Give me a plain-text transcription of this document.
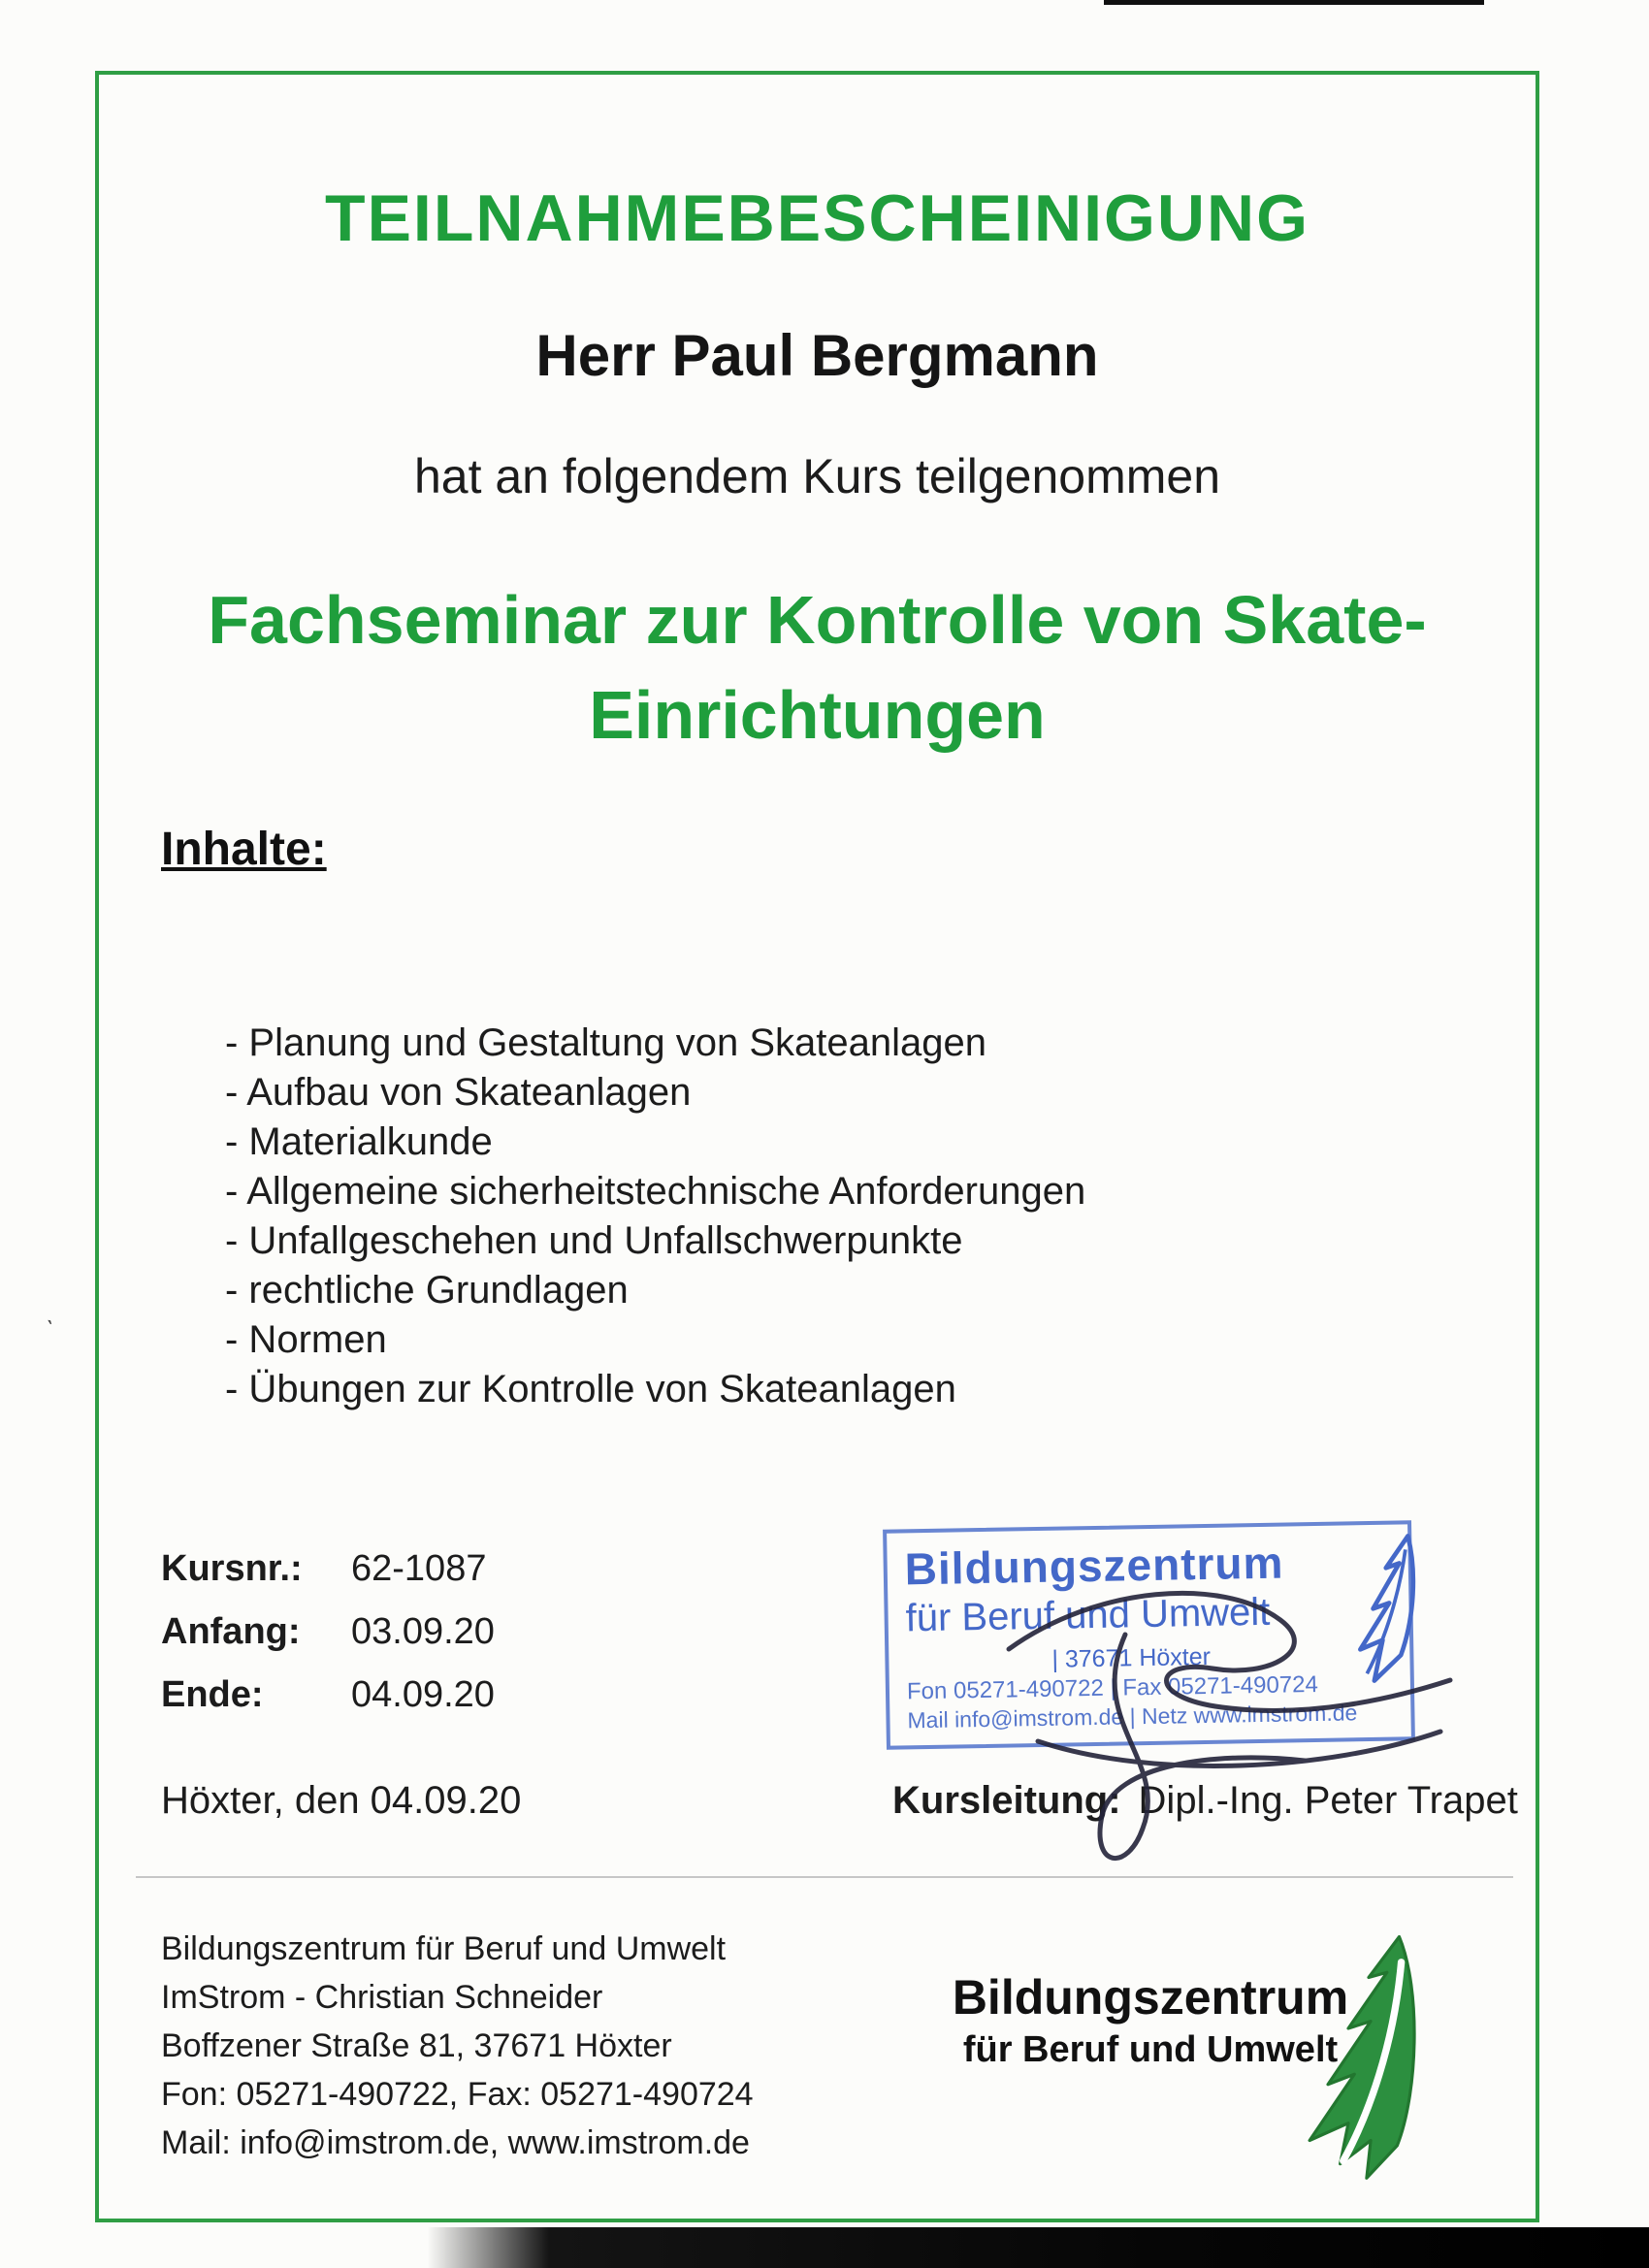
TEILNAHMEBESCHEINIGUNG
Herr Paul Bergmann
hat an folgendem Kurs teilgenommen
Fachseminar zur Kontrolle von Skate-
Einrichtungen
Inhalte:
- Planung und Gestaltung von Skateanlagen
- Aufbau von Skateanlagen
- Materialkunde
- Allgemeine sicherheitstechnische Anforderungen
- Unfallgeschehen und Unfallschwerpunkte
- rechtliche Grundlagen
- Normen
- Übungen zur Kontrolle von Skateanlagen
Kursnr.:	62-1087
Anfang:	03.09.20
Ende:	04.09.20
Bildungszentrum
für Beruf und Umwelt
| 37671 Höxter
Fon 05271-490722 | Fax 05271-490724
Mail info@imstrom.de | Netz www.imstrom.de
Höxter, den 04.09.20	Kursleitung: Dipl.-Ing. Peter Trapet
Bildungszentrum für Beruf und Umwelt
ImStrom - Christian Schneider
Boffzener Straße 81, 37671 Höxter
Fon: 05271-490722, Fax: 05271-490724
Mail: info@imstrom.de, www.imstrom.de
Bildungszentrum
für Beruf und Umwelt
ˎ
